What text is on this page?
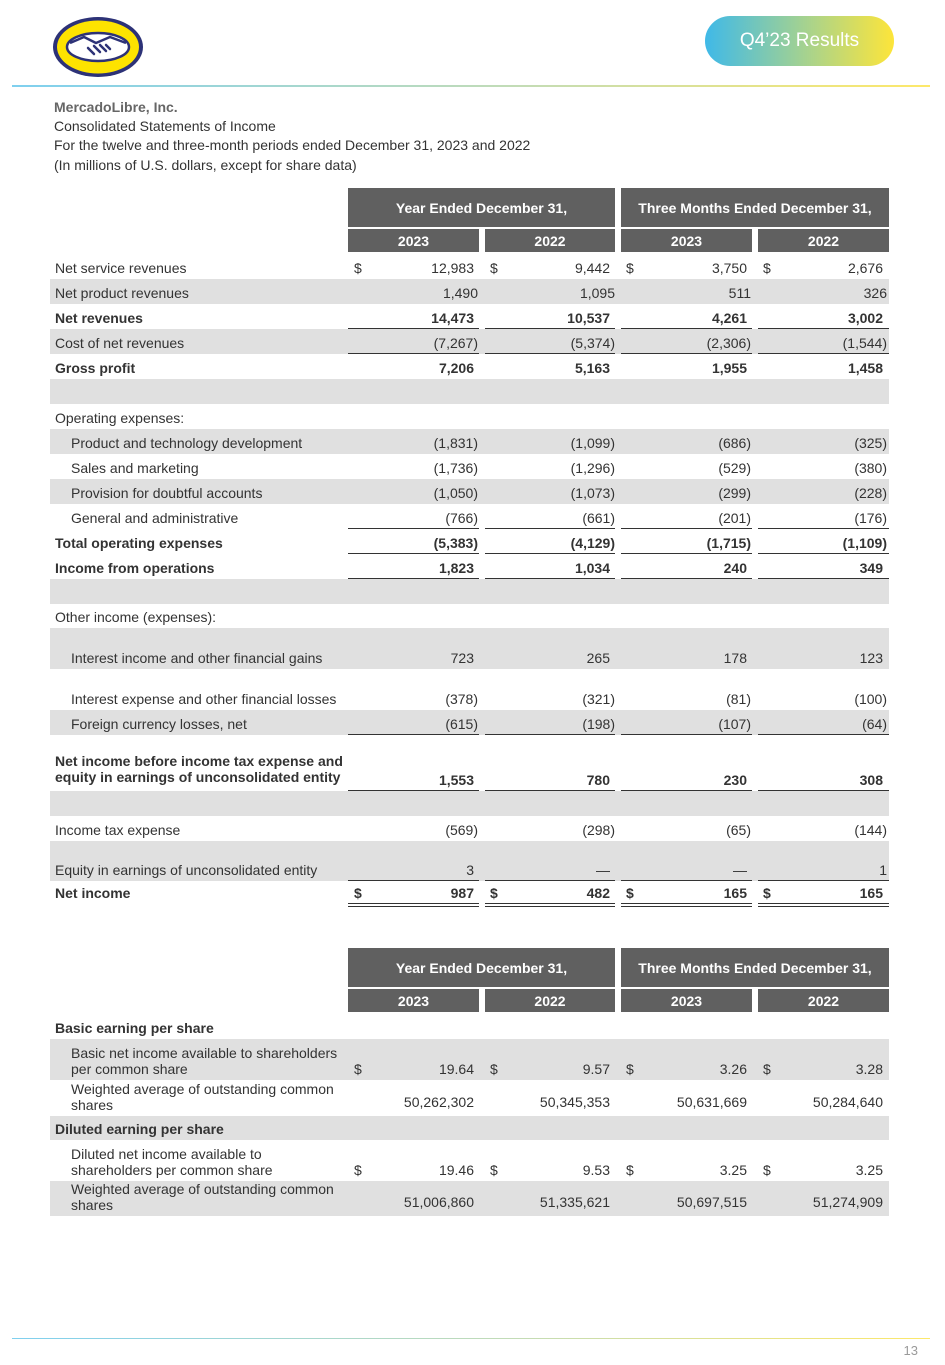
Q4’23 Results
MercadoLibre, Inc.
Consolidated Statements of Income
For the twelve and three-month periods ended December 31, 2023 and 2022
(In millions of U.S. dollars, except for share data)
Year Ended December 31,	Three Months Ended December 31,
2023	2022	2023	2022
Net service revenues	$	12,983 $	9,442 $	3,750 $	2,676
Net product revenues	1,490	1,095	511	326
Net revenues	14,473	10,537	4,261	3,002
Cost of net revenues	(7,267)	(5,374)	(2,306)	(1,544)
Gross profit	7,206	5,163	1,955	1,458
Operating expenses:
Product and technology development	(1,831)	(1,099)	(686)	(325)
Sales and marketing	(1,736)	(1,296)	(529)	(380)
Provision for doubtful accounts	(1,050)	(1,073)	(299)	(228)
General and administrative	(766)	(661)	(201)	(176)
Total operating expenses	(5,383)	(4,129)	(1,715)	(1,109)
Income from operations	1,823	1,034	240	349
Other income (expenses):
Interest income and other financial gains	723	265	178	123
Interest expense and other financial losses	(378)	(321)	(81)	(100)
Foreign currency losses, net	(615)	(198)	(107)	(64)
Net income before income tax expense and equity in earnings of unconsolidated entity	1,553	780	230	308
Income tax expense	(569)	(298)	(65)	(144)
Equity in earnings of unconsolidated entity	3	—	—	1
Net income	$	987 $	482 $	165 $	165
Year Ended December 31,	Three Months Ended December 31,
2023	2022	2023	2022
Basic earning per share
Basic net income available to shareholders per common share	$	19.64 $	9.57 $	3.26 $	3.28
Weighted average of outstanding common shares	50,262,302	50,345,353	50,631,669	50,284,640
Diluted earning per share
Diluted net income available to shareholders per common share	$	19.46 $	9.53 $	3.25 $	3.25
Weighted average of outstanding common shares	51,006,860	51,335,621	50,697,515	51,274,909
13
